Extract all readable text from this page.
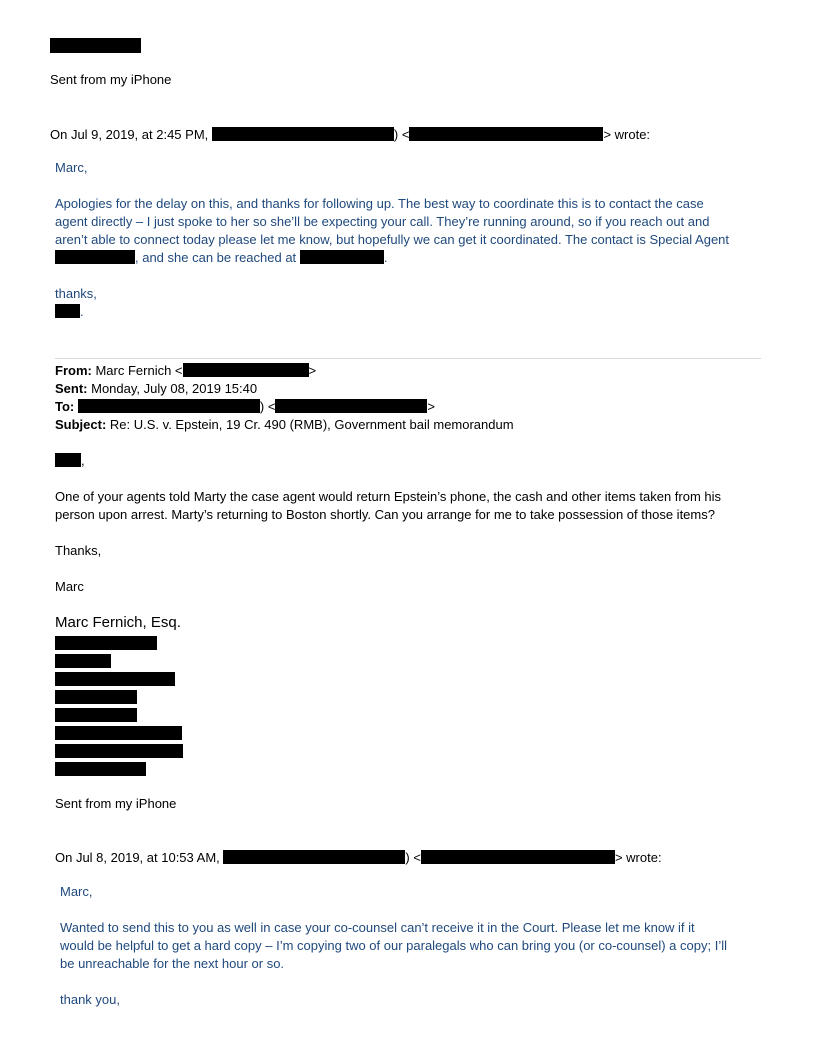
Sent from my iPhone
On Jul 9, 2019, at 2:45 PM,	) <	> wrote:
Marc,
Apologies for the delay on this, and thanks for following up. The best way to coordinate this is to contact the case
agent directly – I just spoke to her so she’ll be expecting your call. They’re running around, so if you reach out and
aren’t able to connect today please let me know, but hopefully we can get it coordinated. The contact is Special Agent
, and she can be reached at	.
thanks,
.
From: Marc Fernich <	>
Sent: Monday, July 08, 2019 15:40
To:	) <	>
Subject: Re: U.S. v. Epstein, 19 Cr. 490 (RMB), Government bail memorandum
,
One of your agents told Marty the case agent would return Epstein’s phone, the cash and other items taken from his
person upon arrest. Marty’s returning to Boston shortly. Can you arrange for me to take possession of those items?
Thanks,
Marc
Marc Fernich, Esq.
Sent from my iPhone
On Jul 8, 2019, at 10:53 AM,	) <	> wrote:
Marc,
Wanted to send this to you as well in case your co-counsel can’t receive it in the Court. Please let me know if it
would be helpful to get a hard copy – I’m copying two of our paralegals who can bring you (or co-counsel) a copy; I’ll
be unreachable for the next hour or so.
thank you,
